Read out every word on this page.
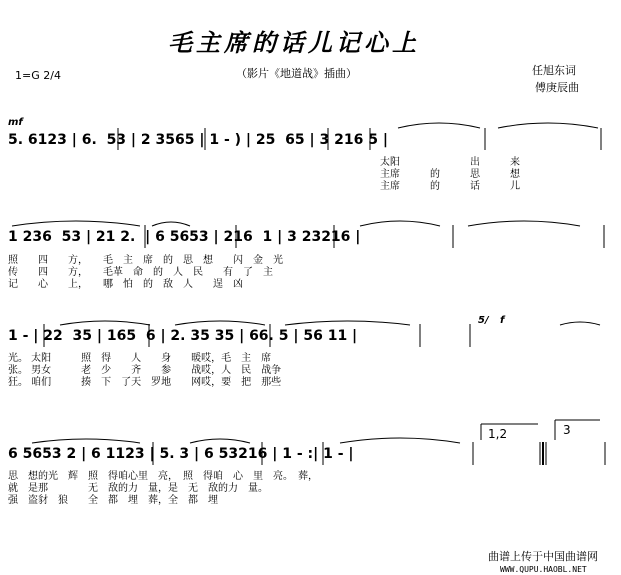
毛主席的话儿记心上
（影片《地道战》插曲）
1=G 2/4	任旭东词
傅庚辰曲
mf
5. 6123 | 6.  53 | 2 3565 | 1 - ) | 25  65 | 3 216 5 |
太阳　　　　　　　出　　　来
主席　　　的　　　思　　　想
主席　　　的　　　话　　　儿
1 236  53 | 21 2.  | 6 5653 | 216  1 | 3 23216 |
照　　四　　方，　　毛　主　席　的　思　想　　闪　金　光
传　　四　　方，　　毛革　命　的　人　民　　有　了　主
记　　心　　上，　　哪　怕　的　敌　人　　逞　凶
5/ f
1 - | 22  35 | 165  6 | 2. 35 35 | 66. 5 | 56 11 |
光。 太阳　　　照　得　　人　　身　　暖哎，毛　主　席
张。 男女　　　老　少　　齐　　参　　战哎，人　民　战争
狂。 咱们　　　揍　下　了天　罗地　　网哎，要　把　那些
1,2	3
6 5653 2 | 6 1123 | 5. 3 | 6 53216 | 1 - :| 1 - |
思　想的光　辉　照　得咱心里　亮，　照　得咱　心　里　亮。　葬，
就　是那　　　　无　敌的力　量，是　无　敌的力　量。
强　盗豺　狼　　全　都　埋　葬，全　都　埋
曲谱上传于中国曲谱网
WWW.QUPU.HAOBL.NET
